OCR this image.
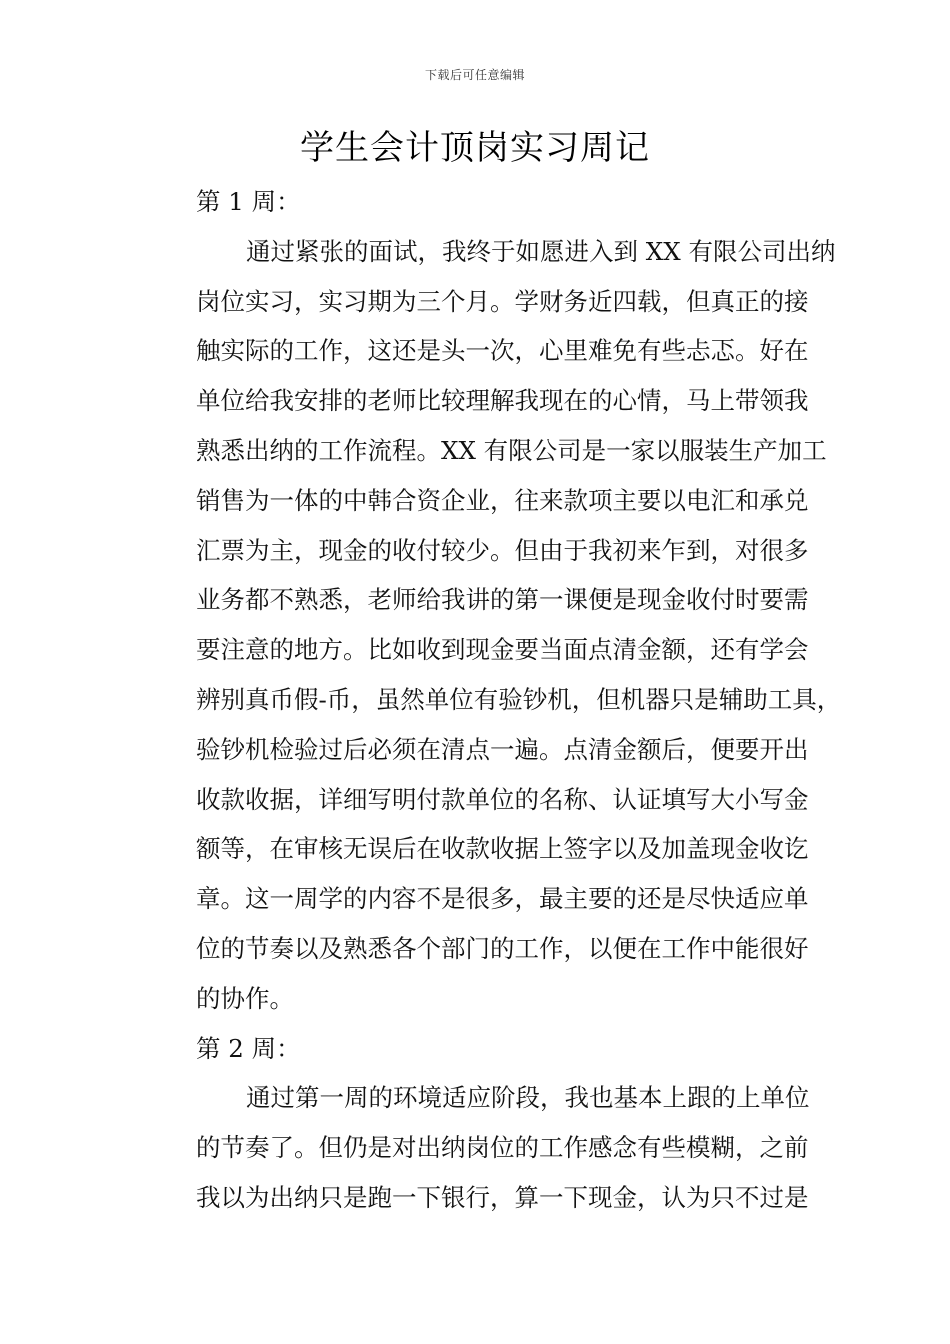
下载后可任意编辑
学生会计顶岗实习周记

第 1 周：

通过紧张的面试，我终于如愿进入到 XX 有限公司出纳
岗位实习，实习期为三个月。学财务近四载，但真正的接
触实际的工作，这还是头一次，心里难免有些忐忑。好在
单位给我安排的老师比较理解我现在的心情，马上带领我
熟悉出纳的工作流程。XX 有限公司是一家以服装生产加工
销售为一体的中韩合资企业，往来款项主要以电汇和承兑
汇票为主，现金的收付较少。但由于我初来乍到，对很多
业务都不熟悉，老师给我讲的第一课便是现金收付时要需
要注意的地方。比如收到现金要当面点清金额，还有学会
辨别真币假-币，虽然单位有验钞机，但机器只是辅助工具，
验钞机检验过后必须在清点一遍。点清金额后，便要开出
收款收据，详细写明付款单位的名称、认证填写大小写金
额等，在审核无误后在收款收据上签字以及加盖现金收讫
章。这一周学的内容不是很多，最主要的还是尽快适应单
位的节奏以及熟悉各个部门的工作，以便在工作中能很好
的协作。

第 2 周：

通过第一周的环境适应阶段，我也基本上跟的上单位
的节奏了。但仍是对出纳岗位的工作感念有些模糊，之前
我以为出纳只是跑一下银行，算一下现金，认为只不过是
